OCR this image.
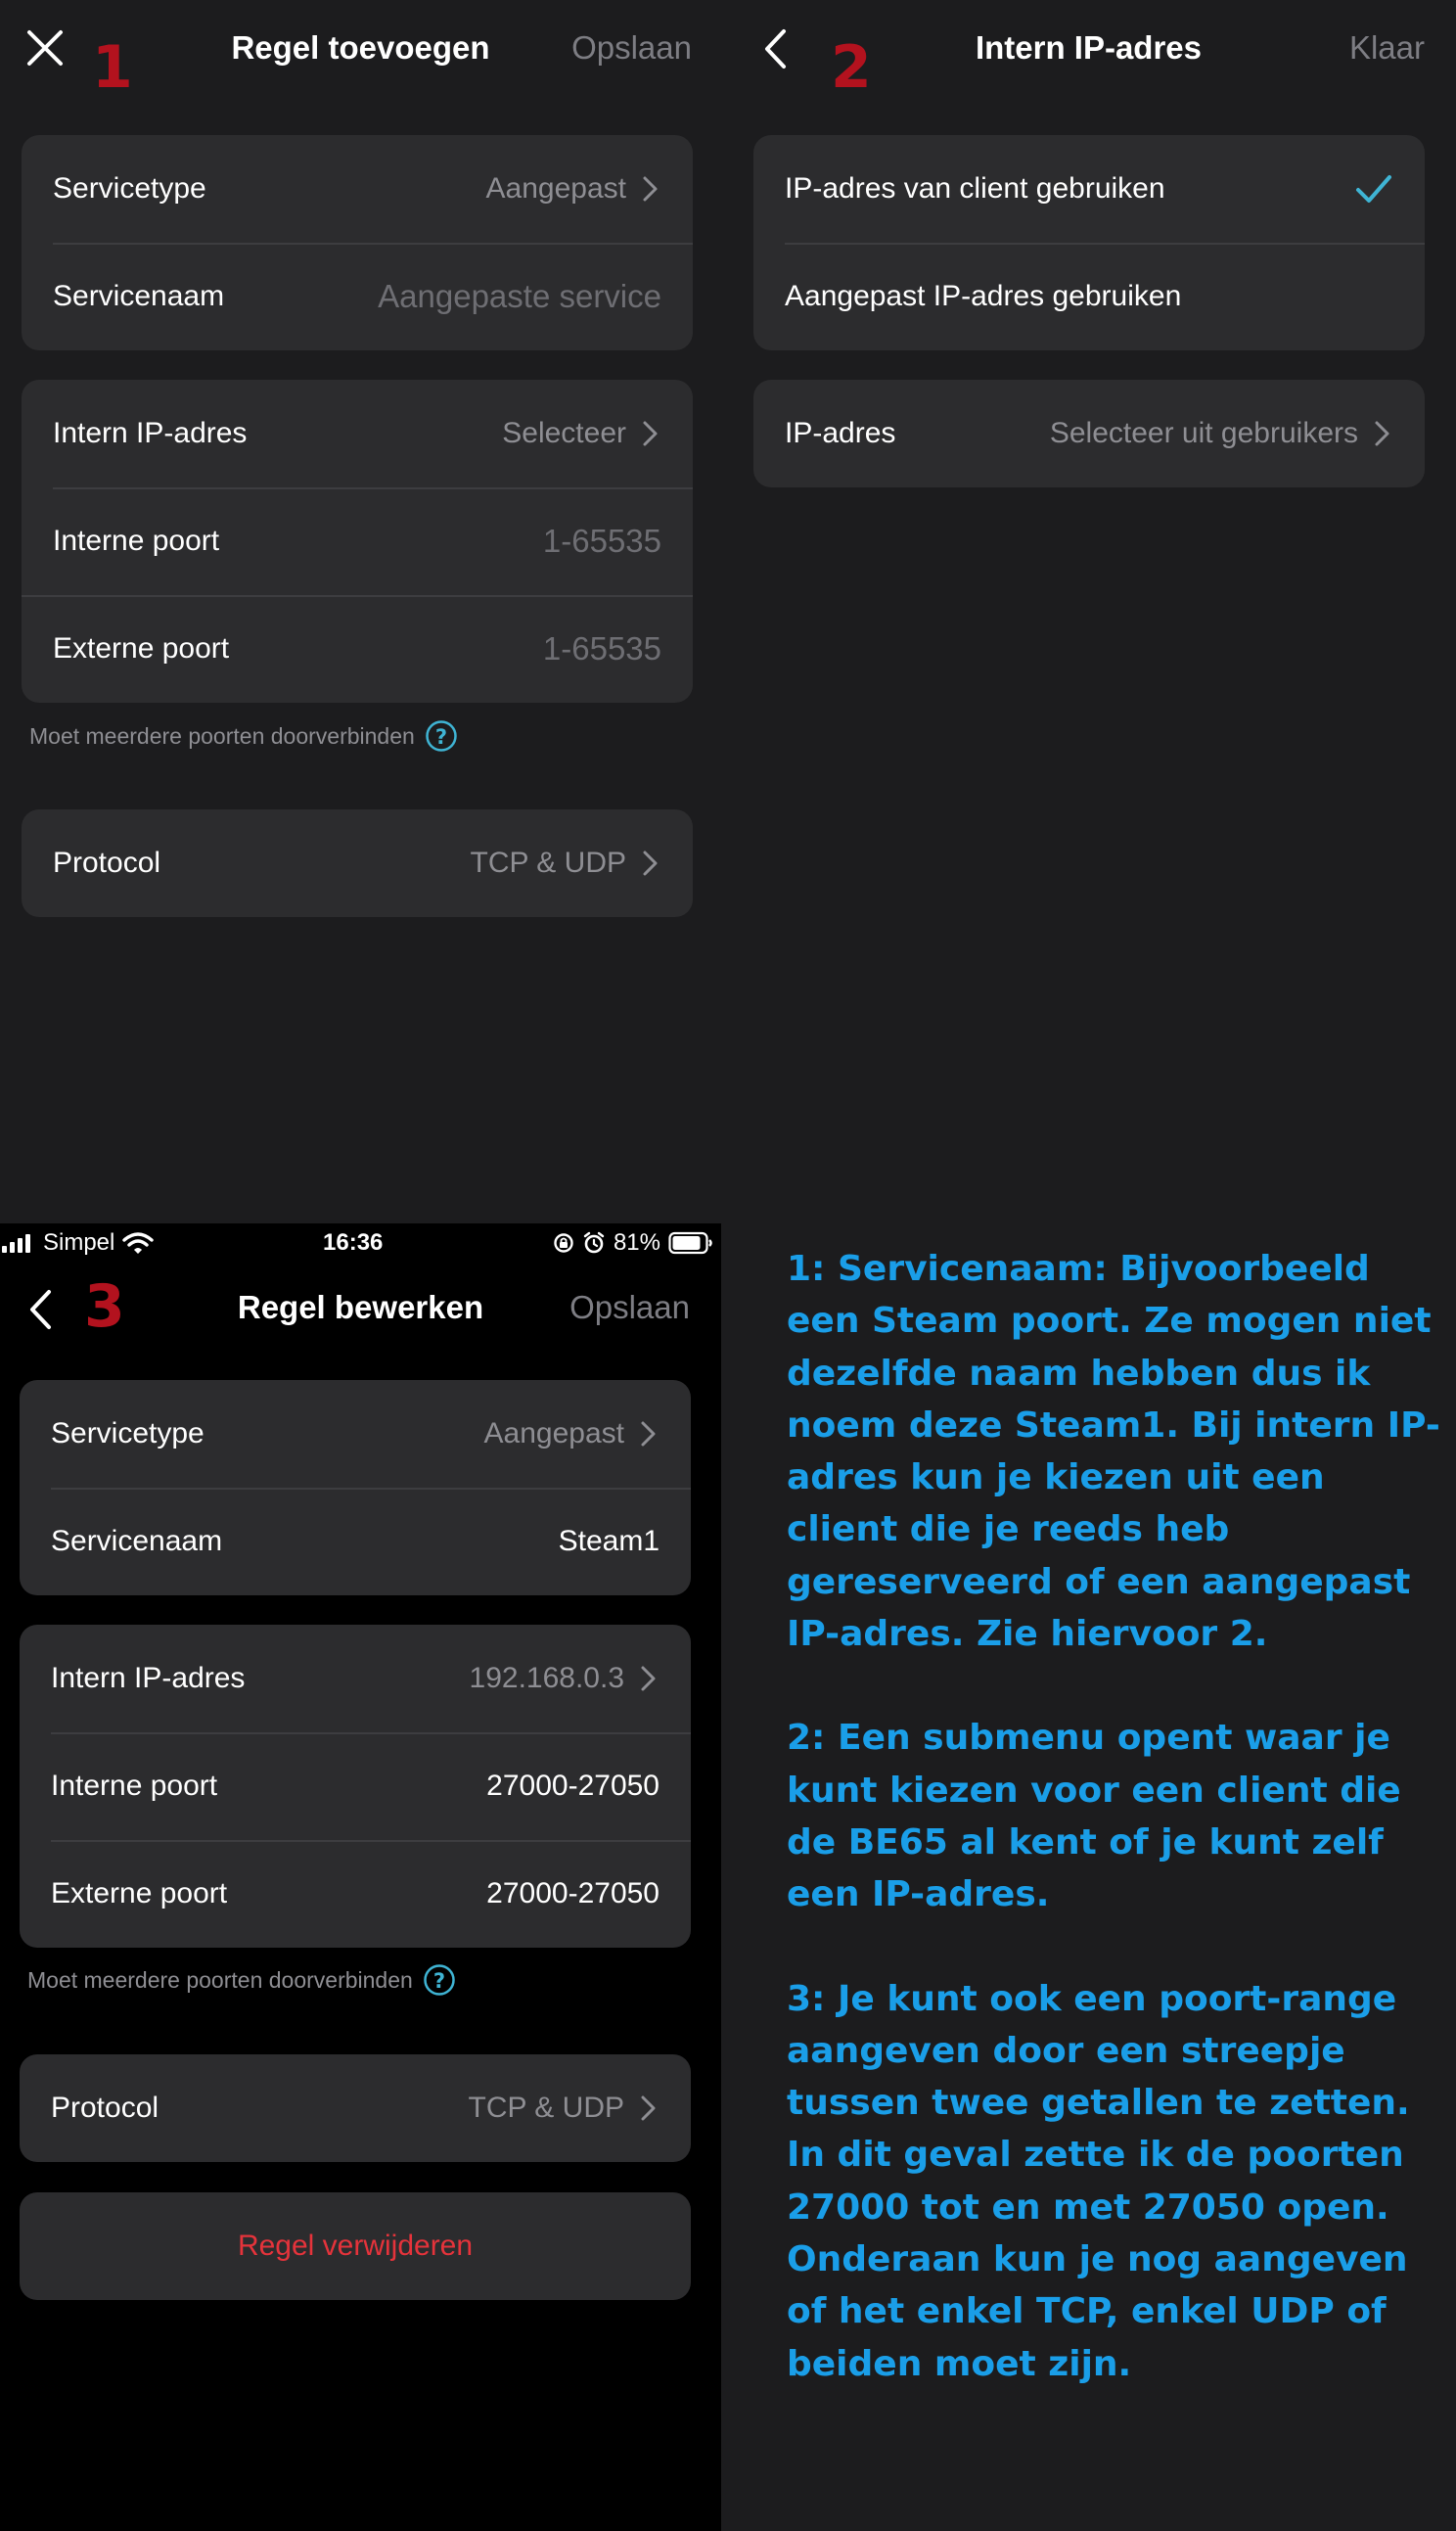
1	Regel toevoegen	Opslaan
Servicetype	Aangepast
Servicenaam	Aangepaste service
Intern IP-adres	Selecteer
Interne poort	1-65535
Externe poort	1-65535
Moet meerdere poorten doorverbinden ?
Protocol	TCP & UDP
2	Intern IP-adres	Klaar
IP-adres van client gebruiken
Aangepast IP-adres gebruiken
IP-adres	Selecteer uit gebruikers
Simpel	16:36	81%
3	Regel bewerken	Opslaan
Servicetype	Aangepast
Servicenaam	Steam1
Intern IP-adres	192.168.0.3
Interne poort	27000-27050
Externe poort	27000-27050
Moet meerdere poorten doorverbinden ?
Protocol	TCP & UDP
Regel verwijderen

1: Servicenaam: Bijvoorbeeld een Steam poort. Ze mogen niet dezelfde naam hebben dus ik noem deze Steam1. Bij intern IP-adres kun je kiezen uit een client die je reeds heb gereserveerd of een aangepast IP-adres. Zie hiervoor 2.

2: Een submenu opent waar je kunt kiezen voor een client die de BE65 al kent of je kunt zelf een IP-adres.

3: Je kunt ook een poort-range aangeven door een streepje tussen twee getallen te zetten. In dit geval zette ik de poorten 27000 tot en met 27050 open. Onderaan kun je nog aangeven of het enkel TCP, enkel UDP of beiden moet zijn.
